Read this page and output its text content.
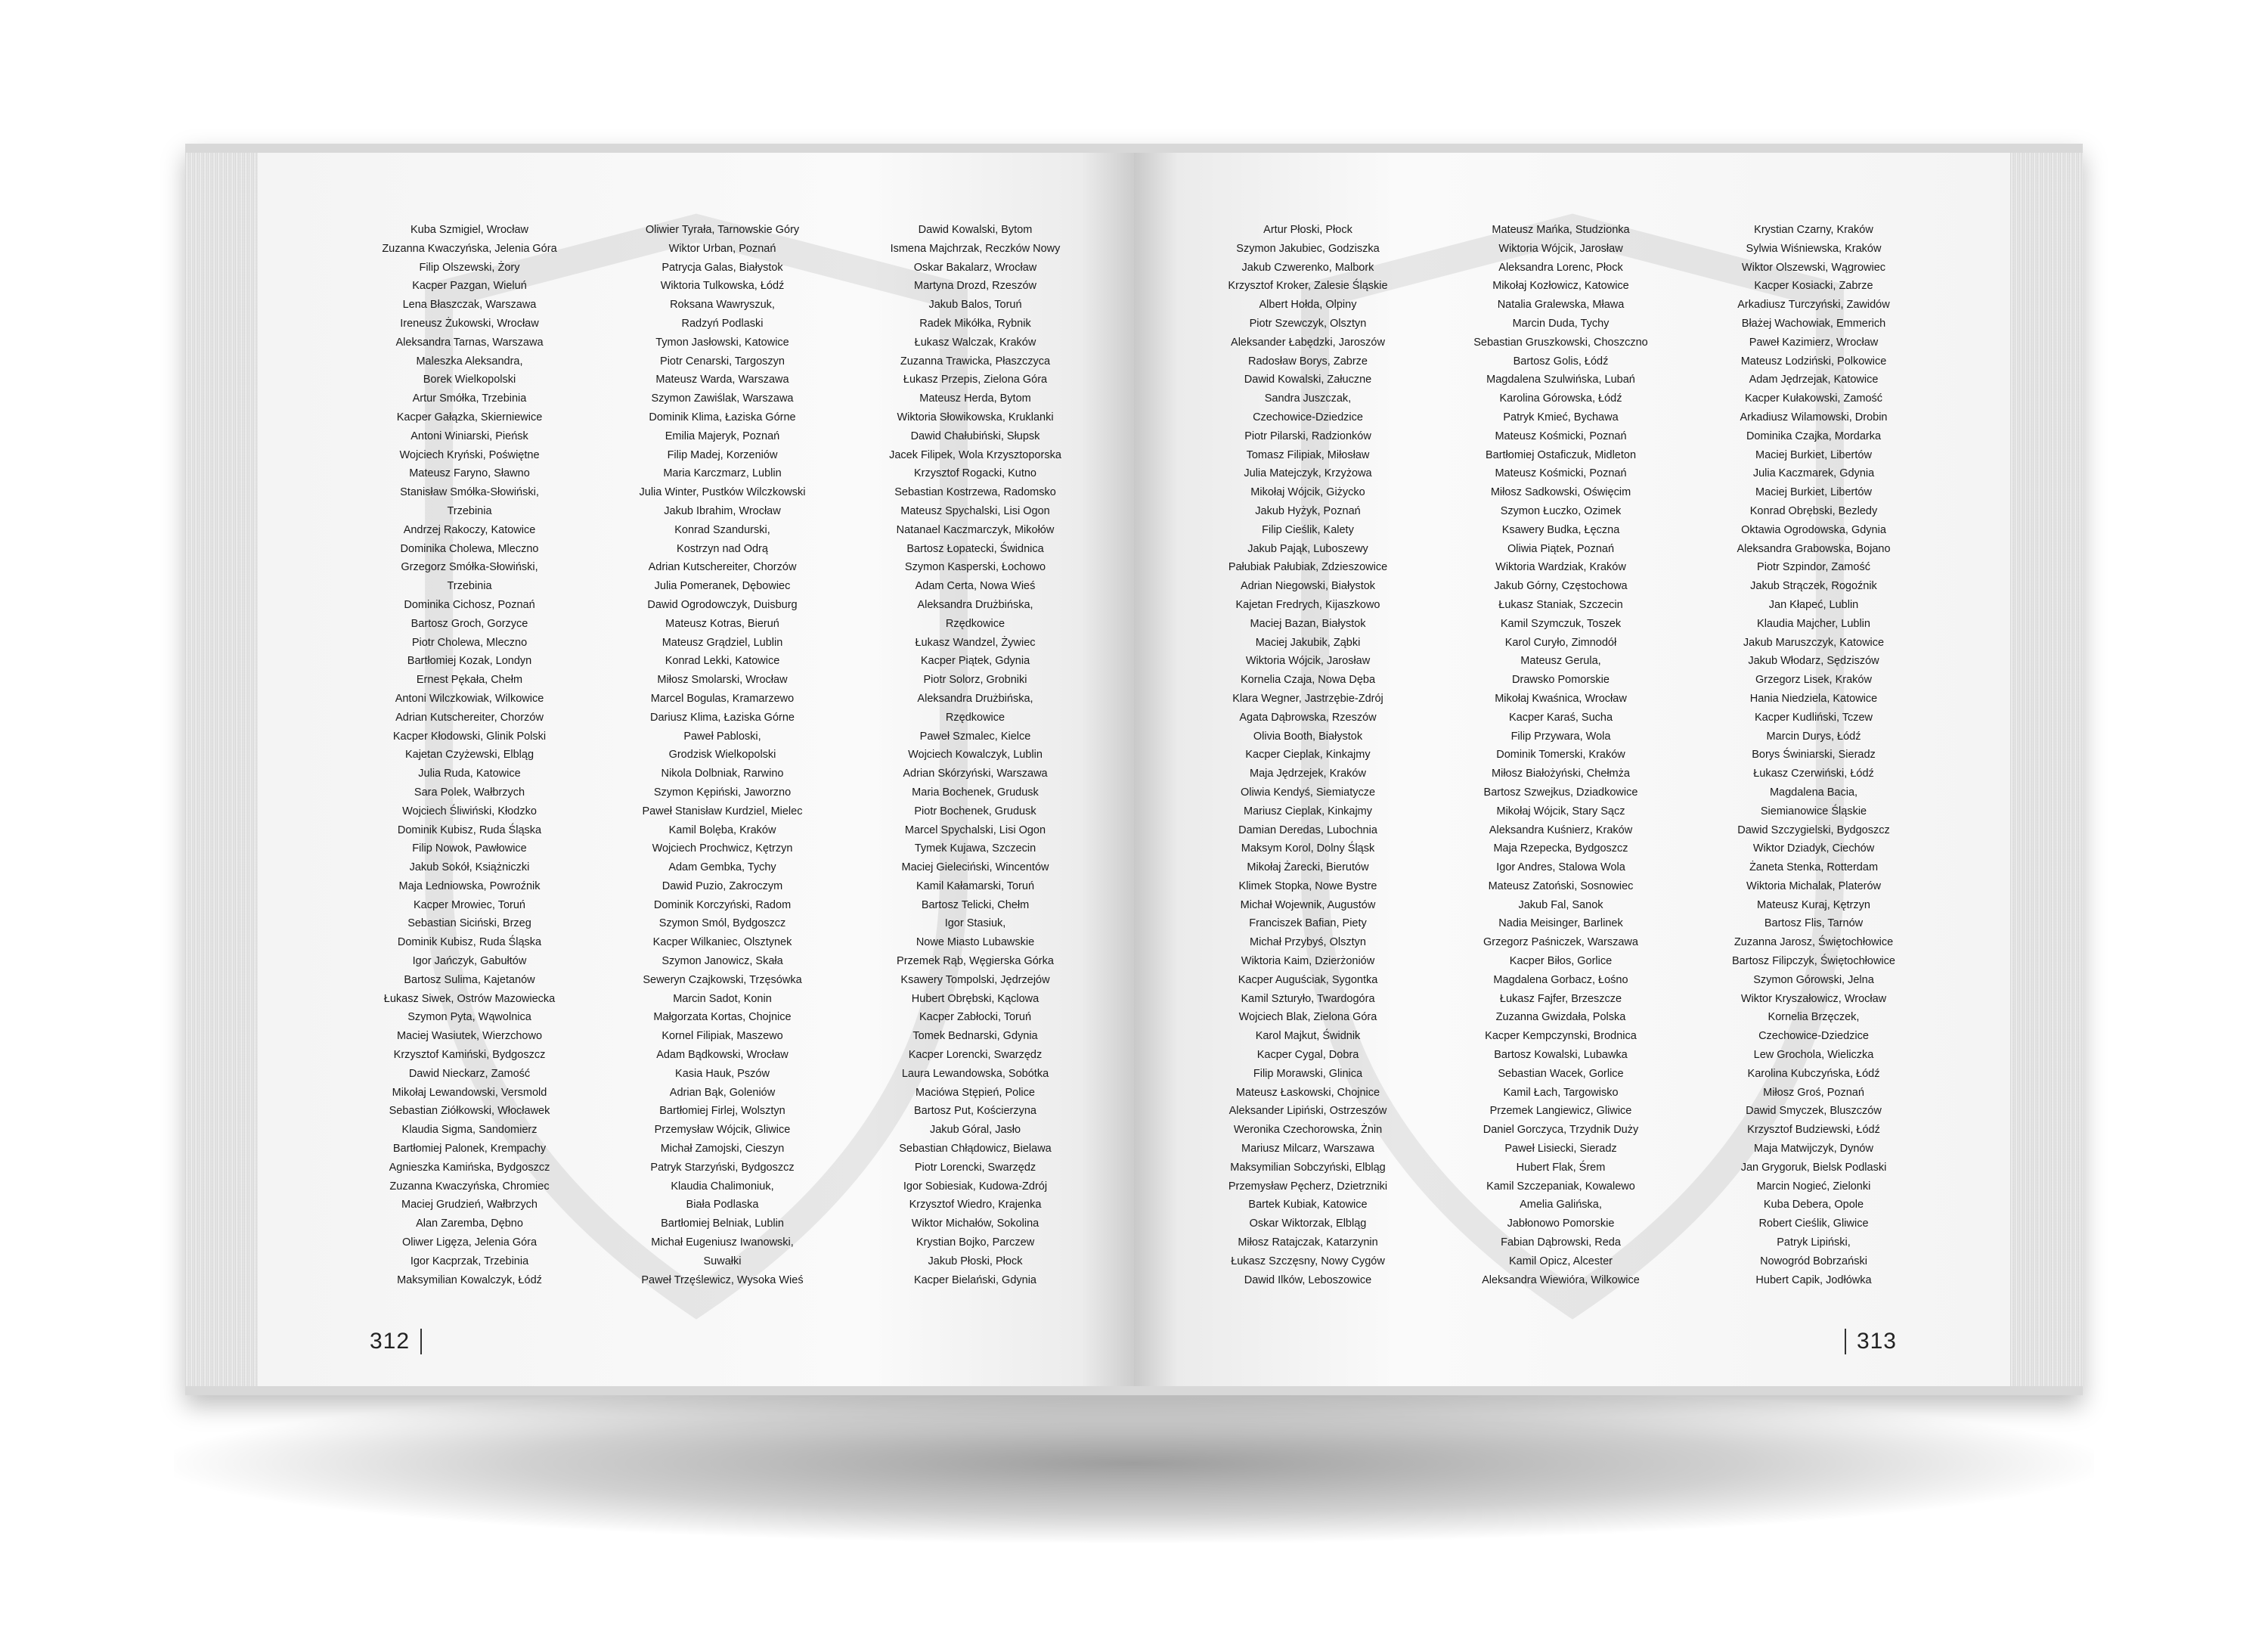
Kuba Szmigiel, Wrocław
Zuzanna Kwaczyńska, Jelenia Góra
Filip Olszewski, Żory
Kacper Pazgan, Wieluń
Lena Błaszczak, Warszawa
Ireneusz Żukowski, Wrocław
Aleksandra Tarnas, Warszawa
Maleszka Aleksandra,
Borek Wielkopolski
Artur Smółka, Trzebinia
Kacper Gałązka, Skierniewice
Antoni Winiarski, Pieńsk
Wojciech Kryński, Poświętne
Mateusz Faryno, Sławno
Stanisław Smółka-Słowiński,
Trzebinia
Andrzej Rakoczy, Katowice
Dominika Cholewa, Mleczno
Grzegorz Smółka-Słowiński,
Trzebinia
Dominika Cichosz, Poznań
Bartosz Groch, Gorzyce
Piotr Cholewa, Mleczno
Bartłomiej Kozak, Londyn
Ernest Pękała, Chełm
Antoni Wilczkowiak, Wilkowice
Adrian Kutschereiter, Chorzów
Kacper Kłodowski, Glinik Polski
Kajetan Czyżewski, Elbląg
Julia Ruda, Katowice
Sara Polek, Wałbrzych
Wojciech Śliwiński, Kłodzko
Dominik Kubisz, Ruda Śląska
Filip Nowok, Pawłowice
Jakub Sokół, Książniczki
Maja Ledniowska, Powroźnik
Kacper Mrowiec, Toruń
Sebastian Siciński, Brzeg
Dominik Kubisz, Ruda Śląska
Igor Jańczyk, Gabułtów
Bartosz Sulima, Kajetanów
Łukasz Siwek, Ostrów Mazowiecka
Szymon Pyta, Wąwolnica
Maciej Wasiutek, Wierzchowo
Krzysztof Kamiński, Bydgoszcz
Dawid Nieckarz, Zamość
Mikołaj Lewandowski, Versmold
Sebastian Ziółkowski, Włocławek
Klaudia Sigma, Sandomierz
Bartłomiej Palonek, Krempachy
Agnieszka Kamińska, Bydgoszcz
Zuzanna Kwaczyńska, Chromiec
Maciej Grudzień, Wałbrzych
Alan Zaremba, Dębno
Oliwer Ligęza, Jelenia Góra
Igor Kacprzak, Trzebinia
Maksymilian Kowalczyk, Łódź
Oliwier Tyrała, Tarnowskie Góry
Wiktor Urban, Poznań
Patrycja Galas, Białystok
Wiktoria Tulkowska, Łódź
Roksana Wawryszuk,
Radzyń Podlaski
Tymon Jasłowski, Katowice
Piotr Cenarski, Targoszyn
Mateusz Warda, Warszawa
Szymon Zawiślak, Warszawa
Dominik Klima, Łaziska Górne
Emilia Majeryk, Poznań
Filip Madej, Korzeniów
Maria Karczmarz, Lublin
Julia Winter, Pustków Wilczkowski
Jakub Ibrahim, Wrocław
Konrad Szandurski,
Kostrzyn nad Odrą
Adrian Kutschereiter, Chorzów
Julia Pomeranek, Dębowiec
Dawid Ogrodowczyk, Duisburg
Mateusz Kotras, Bieruń
Mateusz Grądziel, Lublin
Konrad Lekki, Katowice
Miłosz Smolarski, Wrocław
Marcel Bogulas, Kramarzewo
Dariusz Klima, Łaziska Górne
Paweł Pabloski,
Grodzisk Wielkopolski
Nikola Dolbniak, Rarwino
Szymon Kępiński, Jaworzno
Paweł Stanisław Kurdziel, Mielec
Kamil Bolęba, Kraków
Wojciech Prochwicz, Kętrzyn
Adam Gembka, Tychy
Dawid Puzio, Zakroczym
Dominik Korczyński, Radom
Szymon Smól, Bydgoszcz
Kacper Wilkaniec, Olsztynek
Szymon Janowicz, Skała
Seweryn Czajkowski, Trzęsówka
Marcin Sadot, Konin
Małgorzata Kortas, Chojnice
Kornel Filipiak, Maszewo
Adam Bądkowski, Wrocław
Kasia Hauk, Pszów
Adrian Bąk, Goleniów
Bartłomiej Firlej, Wolsztyn
Przemysław Wójcik, Gliwice
Michał Zamojski, Cieszyn
Patryk Starzyński, Bydgoszcz
Klaudia Chalimoniuk,
Biała Podlaska
Bartłomiej Belniak, Lublin
Michał Eugeniusz Iwanowski,
Suwałki
Paweł Trzęślewicz, Wysoka Wieś
Dawid Kowalski, Bytom
Ismena Majchrzak, Reczków Nowy
Oskar Bakalarz, Wrocław
Martyna Drozd, Rzeszów
Jakub Balos, Toruń
Radek Mikółka, Rybnik
Łukasz Walczak, Kraków
Zuzanna Trawicka, Płaszczyca
Łukasz Przepis, Zielona Góra
Mateusz Herda, Bytom
Wiktoria Słowikowska, Kruklanki
Dawid Chałubiński, Słupsk
Jacek Filipek, Wola Krzysztoporska
Krzysztof Rogacki, Kutno
Sebastian Kostrzewa, Radomsko
Mateusz Spychalski, Lisi Ogon
Natanael Kaczmarczyk, Mikołów
Bartosz Łopatecki, Świdnica
Szymon Kasperski, Łochowo
Adam Certa, Nowa Wieś
Aleksandra Drużbińska,
Rzędkowice
Łukasz Wandzel, Żywiec
Kacper Piątek, Gdynia
Piotr Solorz, Grobniki
Aleksandra Drużbińska,
Rzędkowice
Paweł Szmalec, Kielce
Wojciech Kowalczyk, Lublin
Adrian Skórzyński, Warszawa
Maria Bochenek, Grudusk
Piotr Bochenek, Grudusk
Marcel Spychalski, Lisi Ogon
Tymek Kujawa, Szczecin
Maciej Gieleciński, Wincentów
Kamil Kałamarski, Toruń
Bartosz Telicki, Chełm
Igor Stasiuk,
Nowe Miasto Lubawskie
Przemek Rąb, Węgierska Górka
Ksawery Tompolski, Jędrzejów
Hubert Obrębski, Kąclowa
Kacper Zabłocki, Toruń
Tomek Bednarski, Gdynia
Kacper Lorencki, Swarzędz
Laura Lewandowska, Sobótka
Maciówa Stępień, Police
Bartosz Put, Kościerzyna
Jakub Góral, Jasło
Sebastian Chłądowicz, Bielawa
Piotr Lorencki, Swarzędz
Igor Sobiesiak, Kudowa-Zdrój
Krzysztof Wiedro, Krajenka
Wiktor Michałów, Sokolina
Krystian Bojko, Parczew
Jakub Płoski, Płock
Kacper Bielański, Gdynia
312
Artur Płoski, Płock
Szymon Jakubiec, Godziszka
Jakub Czwerenko, Malbork
Krzysztof Kroker, Zalesie Śląskie
Albert Hołda, Olpiny
Piotr Szewczyk, Olsztyn
Aleksander Łabędzki, Jaroszów
Radosław Borys, Zabrze
Dawid Kowalski, Załuczne
Sandra Juszczak,
Czechowice-Dziedzice
Piotr Pilarski, Radzionków
Tomasz Filipiak, Miłosław
Julia Matejczyk, Krzyżowa
Mikołaj Wójcik, Giżycko
Jakub Hyżyk, Poznań
Filip Cieślik, Kalety
Jakub Pająk, Luboszewy
Pałubiak Pałubiak, Zdzieszowice
Adrian Niegowski, Białystok
Kajetan Fredrych, Kijaszkowo
Maciej Bazan, Białystok
Maciej Jakubik, Ząbki
Wiktoria Wójcik, Jarosław
Kornelia Czaja, Nowa Dęba
Klara Wegner, Jastrzębie-Zdrój
Agata Dąbrowska, Rzeszów
Olivia Booth, Białystok
Kacper Cieplak, Kinkajmy
Maja Jędrzejek, Kraków
Oliwia Kendyś, Siemiatycze
Mariusz Cieplak, Kinkajmy
Damian Deredas, Lubochnia
Maksym Korol, Dolny Śląsk
Mikołaj Żarecki, Bierutów
Klimek Stopka, Nowe Bystre
Michał Wojewnik, Augustów
Franciszek Bafian, Piety
Michał Przybyś, Olsztyn
Wiktoria Kaim, Dzierżoniów
Kacper Auguściak, Sygontka
Kamil Szturyło, Twardogóra
Wojciech Blak, Zielona Góra
Karol Majkut, Świdnik
Kacper Cygal, Dobra
Filip Morawski, Glinica
Mateusz Łaskowski, Chojnice
Aleksander Lipiński, Ostrzeszów
Weronika Czechorowska, Żnin
Mariusz Milcarz, Warszawa
Maksymilian Sobczyński, Elbląg
Przemysław Pęcherz, Dzietrzniki
Bartek Kubiak, Katowice
Oskar Wiktorzak, Elbląg
Miłosz Ratajczak, Katarzynin
Łukasz Szczęsny, Nowy Cygów
Dawid Ilków, Leboszowice
Mateusz Mańka, Studzionka
Wiktoria Wójcik, Jarosław
Aleksandra Lorenc, Płock
Mikołaj Kozłowicz, Katowice
Natalia Gralewska, Mława
Marcin Duda, Tychy
Sebastian Gruszkowski, Choszczno
Bartosz Golis, Łódź
Magdalena Szulwińska, Lubań
Karolina Górowska, Łódź
Patryk Kmieć, Bychawa
Mateusz Kośmicki, Poznań
Bartłomiej Ostaficzuk, Midleton
Mateusz Kośmicki, Poznań
Miłosz Sadkowski, Oświęcim
Szymon Łuczko, Ozimek
Ksawery Budka, Łęczna
Oliwia Piątek, Poznań
Wiktoria Wardziak, Kraków
Jakub Górny, Częstochowa
Łukasz Staniak, Szczecin
Kamil Szymczuk, Toszek
Karol Curyło, Zimnodół
Mateusz Gerula,
Drawsko Pomorskie
Mikołaj Kwaśnica, Wrocław
Kacper Karaś, Sucha
Filip Przywara, Wola
Dominik Tomerski, Kraków
Miłosz Białożyński, Chełmża
Bartosz Szwejkus, Dziadkowice
Mikołaj Wójcik, Stary Sącz
Aleksandra Kuśnierz, Kraków
Maja Rzepecka, Bydgoszcz
Igor Andres, Stalowa Wola
Mateusz Zatoński, Sosnowiec
Jakub Fal, Sanok
Nadia Meisinger, Barlinek
Grzegorz Paśniczek, Warszawa
Kacper Biłos, Gorlice
Magdalena Gorbacz, Łośno
Łukasz Fajfer, Brzeszcze
Zuzanna Gwizdała, Polska
Kacper Kempczynski, Brodnica
Bartosz Kowalski, Lubawka
Sebastian Wacek, Gorlice
Kamil Łach, Targowisko
Przemek Langiewicz, Gliwice
Daniel Gorczyca, Trzydnik Duży
Paweł Lisiecki, Sieradz
Hubert Flak, Śrem
Kamil Szczepaniak, Kowalewo
Amelia Galińska,
Jabłonowo Pomorskie
Fabian Dąbrowski, Reda
Kamil Opicz, Alcester
Aleksandra Wiewióra, Wilkowice
Krystian Czarny, Kraków
Sylwia Wiśniewska, Kraków
Wiktor Olszewski, Wągrowiec
Kacper Kosiacki, Zabrze
Arkadiusz Turczyński, Zawidów
Błażej Wachowiak, Emmerich
Paweł Kazimierz, Wrocław
Mateusz Lodziński, Polkowice
Adam Jędrzejak, Katowice
Kacper Kułakowski, Zamość
Arkadiusz Wilamowski, Drobin
Dominika Czajka, Mordarka
Maciej Burkiet, Libertów
Julia Kaczmarek, Gdynia
Maciej Burkiet, Libertów
Konrad Obrębski, Bezledy
Oktawia Ogrodowska, Gdynia
Aleksandra Grabowska, Bojano
Piotr Szpindor, Zamość
Jakub Strączek, Rogoźnik
Jan Kłapeć, Lublin
Klaudia Majcher, Lublin
Jakub Maruszczyk, Katowice
Jakub Włodarz, Sędziszów
Grzegorz Lisek, Kraków
Hania Niedziela, Katowice
Kacper Kudliński, Tczew
Marcin Durys, Łódź
Borys Świniarski, Sieradz
Łukasz Czerwiński, Łódź
Magdalena Bacia,
Siemianowice Śląskie
Dawid Szczygielski, Bydgoszcz
Wiktor Dziadyk, Ciechów
Żaneta Stenka, Rotterdam
Wiktoria Michalak, Platerów
Mateusz Kuraj, Kętrzyn
Bartosz Flis, Tarnów
Zuzanna Jarosz, Świętochłowice
Bartosz Filipczyk, Świętochłowice
Szymon Górowski, Jelna
Wiktor Kryszałowicz, Wrocław
Kornelia Brzęczek,
Czechowice-Dziedzice
Lew Grochola, Wieliczka
Karolina Kubczyńska, Łódź
Miłosz Groś, Poznań
Dawid Smyczek, Bluszczów
Krzysztof Budziewski, Łódź
Maja Matwijczyk, Dynów
Jan Grygoruk, Bielsk Podlaski
Marcin Nogieć, Zielonki
Kuba Debera, Opole
Robert Cieślik, Gliwice
Patryk Lipiński,
Nowogród Bobrzański
Hubert Capik, Jodłówka
313
